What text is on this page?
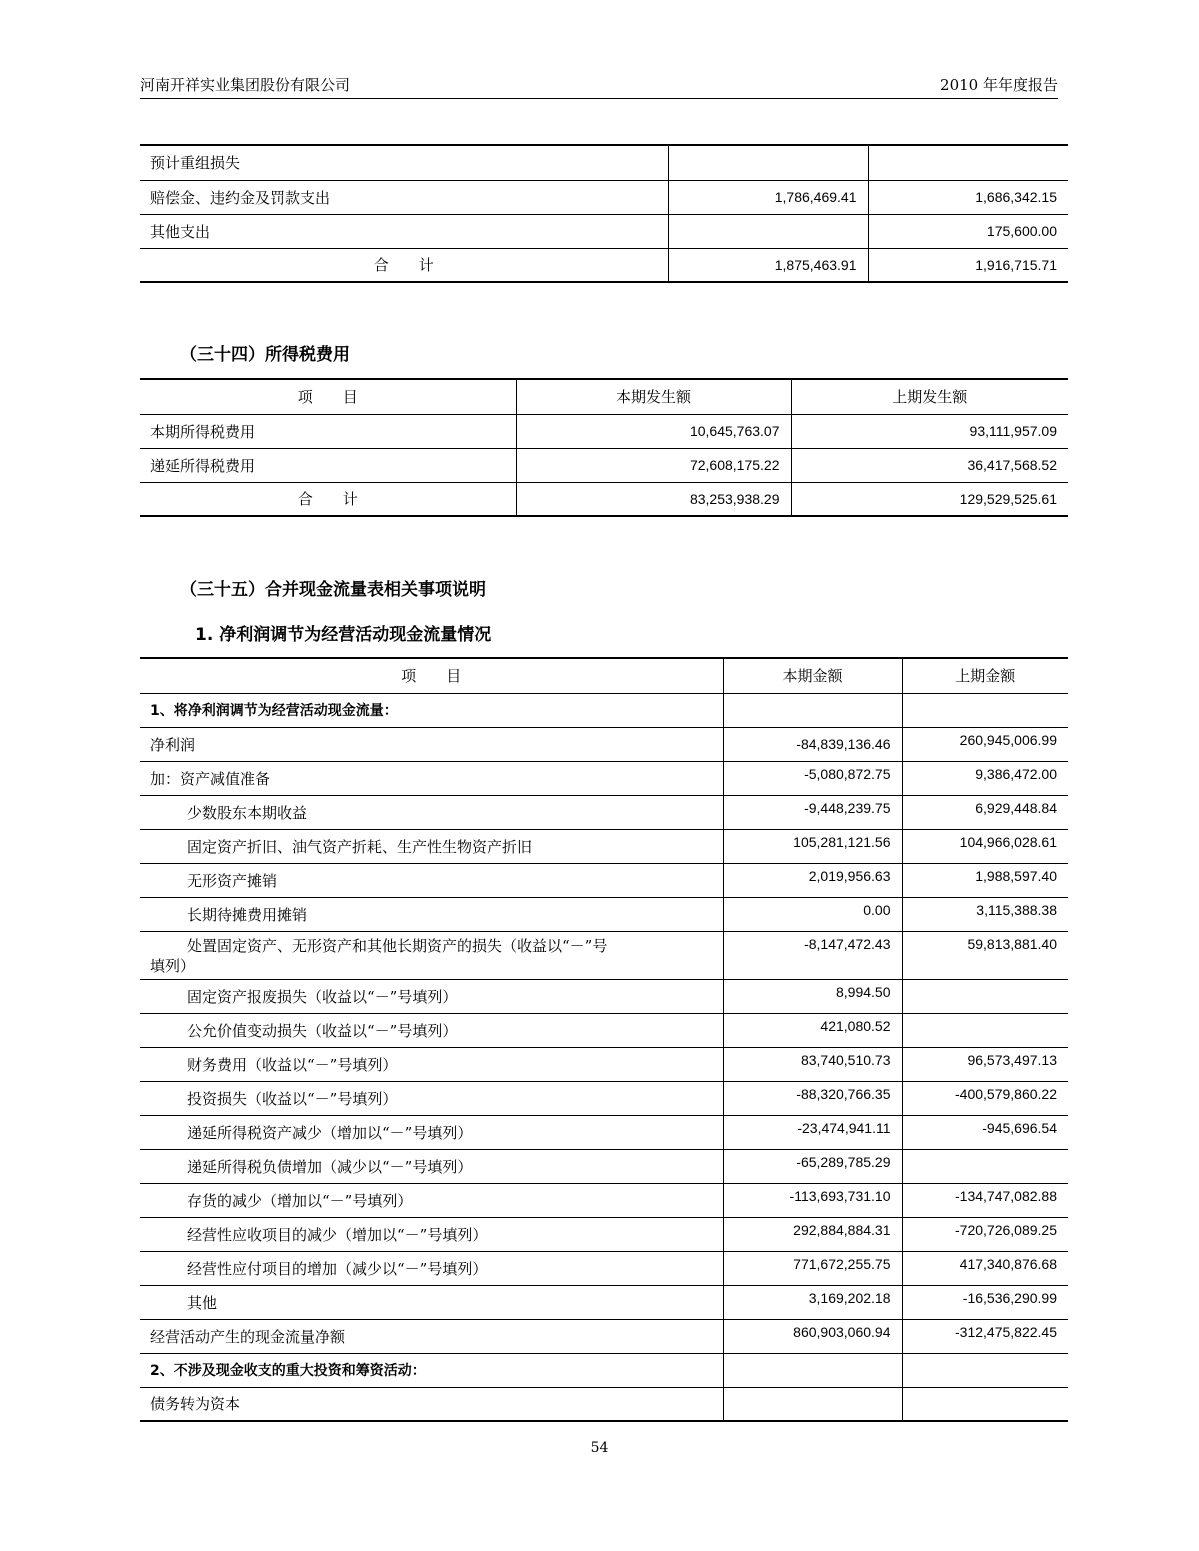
河南开祥实业集团股份有限公司	2010 年年度报告
预计重组损失		
赔偿金、违约金及罚款支出	1,786,469.41	1,686,342.15
其他支出		175,600.00
合　　计	1,875,463.91	1,916,715.71
（三十四）所得税费用
项　　目	本期发生额	上期发生额
本期所得税费用	10,645,763.07	93,111,957.09
递延所得税费用	72,608,175.22	36,417,568.52
合　　计	83,253,938.29	129,529,525.61
（三十五）合并现金流量表相关事项说明
1. 净利润调节为经营活动现金流量情况
项　　目	本期金额	上期金额
1、将净利润调节为经营活动现金流量：		
净利润	-84,839,136.46	260,945,006.99
加：资产减值准备	-5,080,872.75	9,386,472.00
少数股东本期收益	-9,448,239.75	6,929,448.84
固定资产折旧、油气资产折耗、生产性生物资产折旧	105,281,121.56	104,966,028.61
无形资产摊销	2,019,956.63	1,988,597.40
长期待摊费用摊销	0.00	3,115,388.38

处置固定资产、无形资产和其他长期资产的损失（收益以“－”号
填列）	-8,147,472.43	59,813,881.40
固定资产报废损失（收益以“－”号填列）	8,994.50	
公允价值变动损失（收益以“－”号填列）	421,080.52	
财务费用（收益以“－”号填列）	83,740,510.73	96,573,497.13
投资损失（收益以“－”号填列）	-88,320,766.35	-400,579,860.22
递延所得税资产减少（增加以“－”号填列）	-23,474,941.11	-945,696.54
递延所得税负债增加（减少以“－”号填列）	-65,289,785.29	
存货的减少（增加以“－”号填列）	-113,693,731.10	-134,747,082.88
经营性应收项目的减少（增加以“－”号填列）	292,884,884.31	-720,726,089.25
经营性应付项目的增加（减少以“－”号填列）	771,672,255.75	417,340,876.68
其他	3,169,202.18	-16,536,290.99
经营活动产生的现金流量净额	860,903,060.94	-312,475,822.45
2、不涉及现金收支的重大投资和筹资活动：		
债务转为资本		
54
